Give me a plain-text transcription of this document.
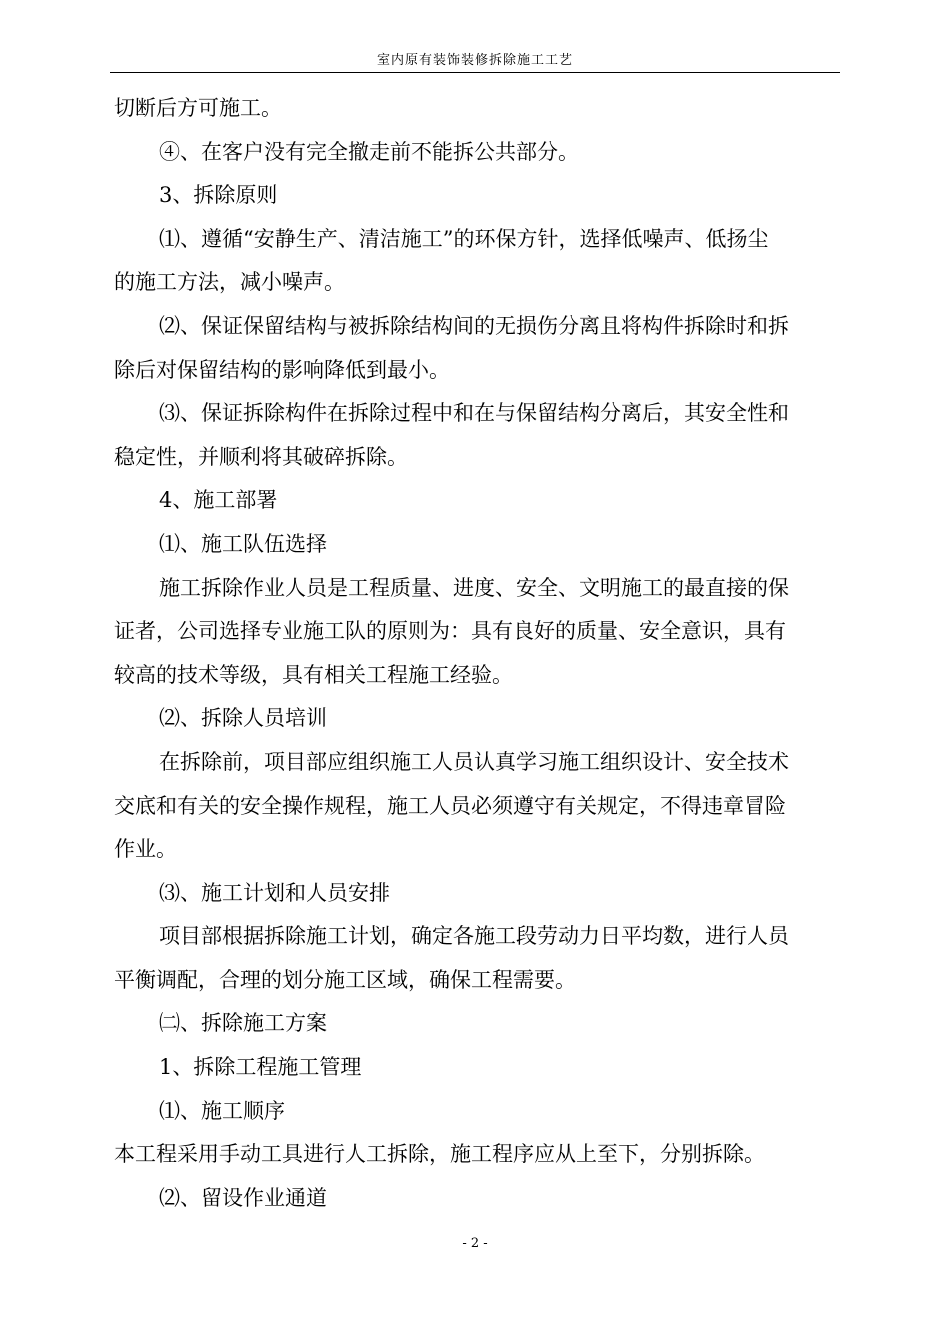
室内原有装饰装修拆除施工工艺
切断后方可施工。
④、在客户没有完全撤走前不能拆公共部分。
3、拆除原则
⑴、遵循“安静生产、清洁施工”的环保方针，选择低噪声、低扬尘
的施工方法，减小噪声。
⑵、保证保留结构与被拆除结构间的无损伤分离且将构件拆除时和拆
除后对保留结构的影响降低到最小。
⑶、保证拆除构件在拆除过程中和在与保留结构分离后，其安全性和
稳定性，并顺利将其破碎拆除。
4、施工部署
⑴、施工队伍选择
施工拆除作业人员是工程质量、进度、安全、文明施工的最直接的保
证者，公司选择专业施工队的原则为：具有良好的质量、安全意识，具有
较高的技术等级，具有相关工程施工经验。
⑵、拆除人员培训
在拆除前，项目部应组织施工人员认真学习施工组织设计、安全技术
交底和有关的安全操作规程，施工人员必须遵守有关规定，不得违章冒险
作业。
⑶、施工计划和人员安排
项目部根据拆除施工计划，确定各施工段劳动力日平均数，进行人员
平衡调配，合理的划分施工区域，确保工程需要。
㈡、拆除施工方案
1、拆除工程施工管理
⑴、施工顺序
本工程采用手动工具进行人工拆除，施工程序应从上至下，分别拆除。
⑵、留设作业通道
- 2 -
